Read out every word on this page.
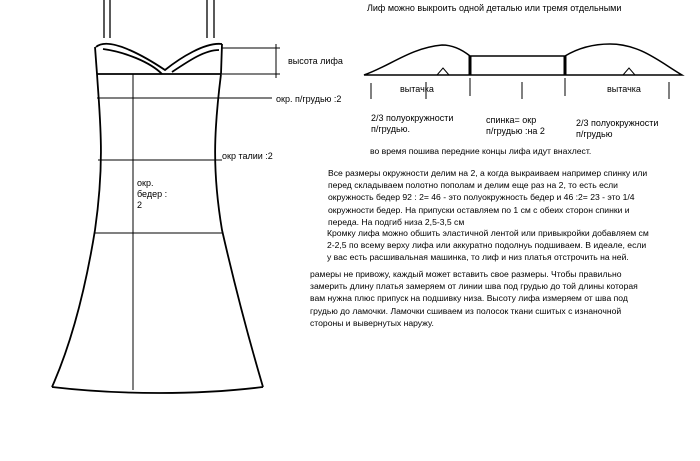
высота лифа
окр. п/грудью :2
окр талии :2
окр.
бедер :
2
вытачка	вытачка
2/3 полуокружности
п/грудью.
спинка= окр
п/грудью :на 2
2/3 полуокружности
п/грудью
Лиф можно выкроить одной деталью или тремя отдельными
во время пошива передние концы лифа идут внахлест.

Все размеры окружности делим на 2, а когда выкраиваем например спинку или

перед складываем полотно пополам и делим еще раз на 2, то есть если

окружность бедер 92 : 2= 46 - это полуокружность бедер и 46 :2= 23 - это 1/4

окружности бедер. На припуски оставляем по 1 см с обеих сторон спинки и

переда. На подгиб низа 2,5-3,5 см

Кромку лифа можно обшить эластичной лентой или привыкройки добавляем см

2-2,5 по всему верху лифа или аккуратно подолнуь подшиваем. В идеале, если

у вас есть расшивальная машинка, то лиф и низ платья отстрочить на ней.

рамеры не привожу, каждый может вставить свое размеры. Чтобы правильно

замерить длину платья замеряем от линии шва под грудью до той длины которая

вам нужна плюс припуск на подшивку низа. Высоту лифа измеряем от шва под

грудью до ламочки. Ламочки сшиваем из полосок ткани сшитых с изнаночной

стороны и вывернутых наружу.
